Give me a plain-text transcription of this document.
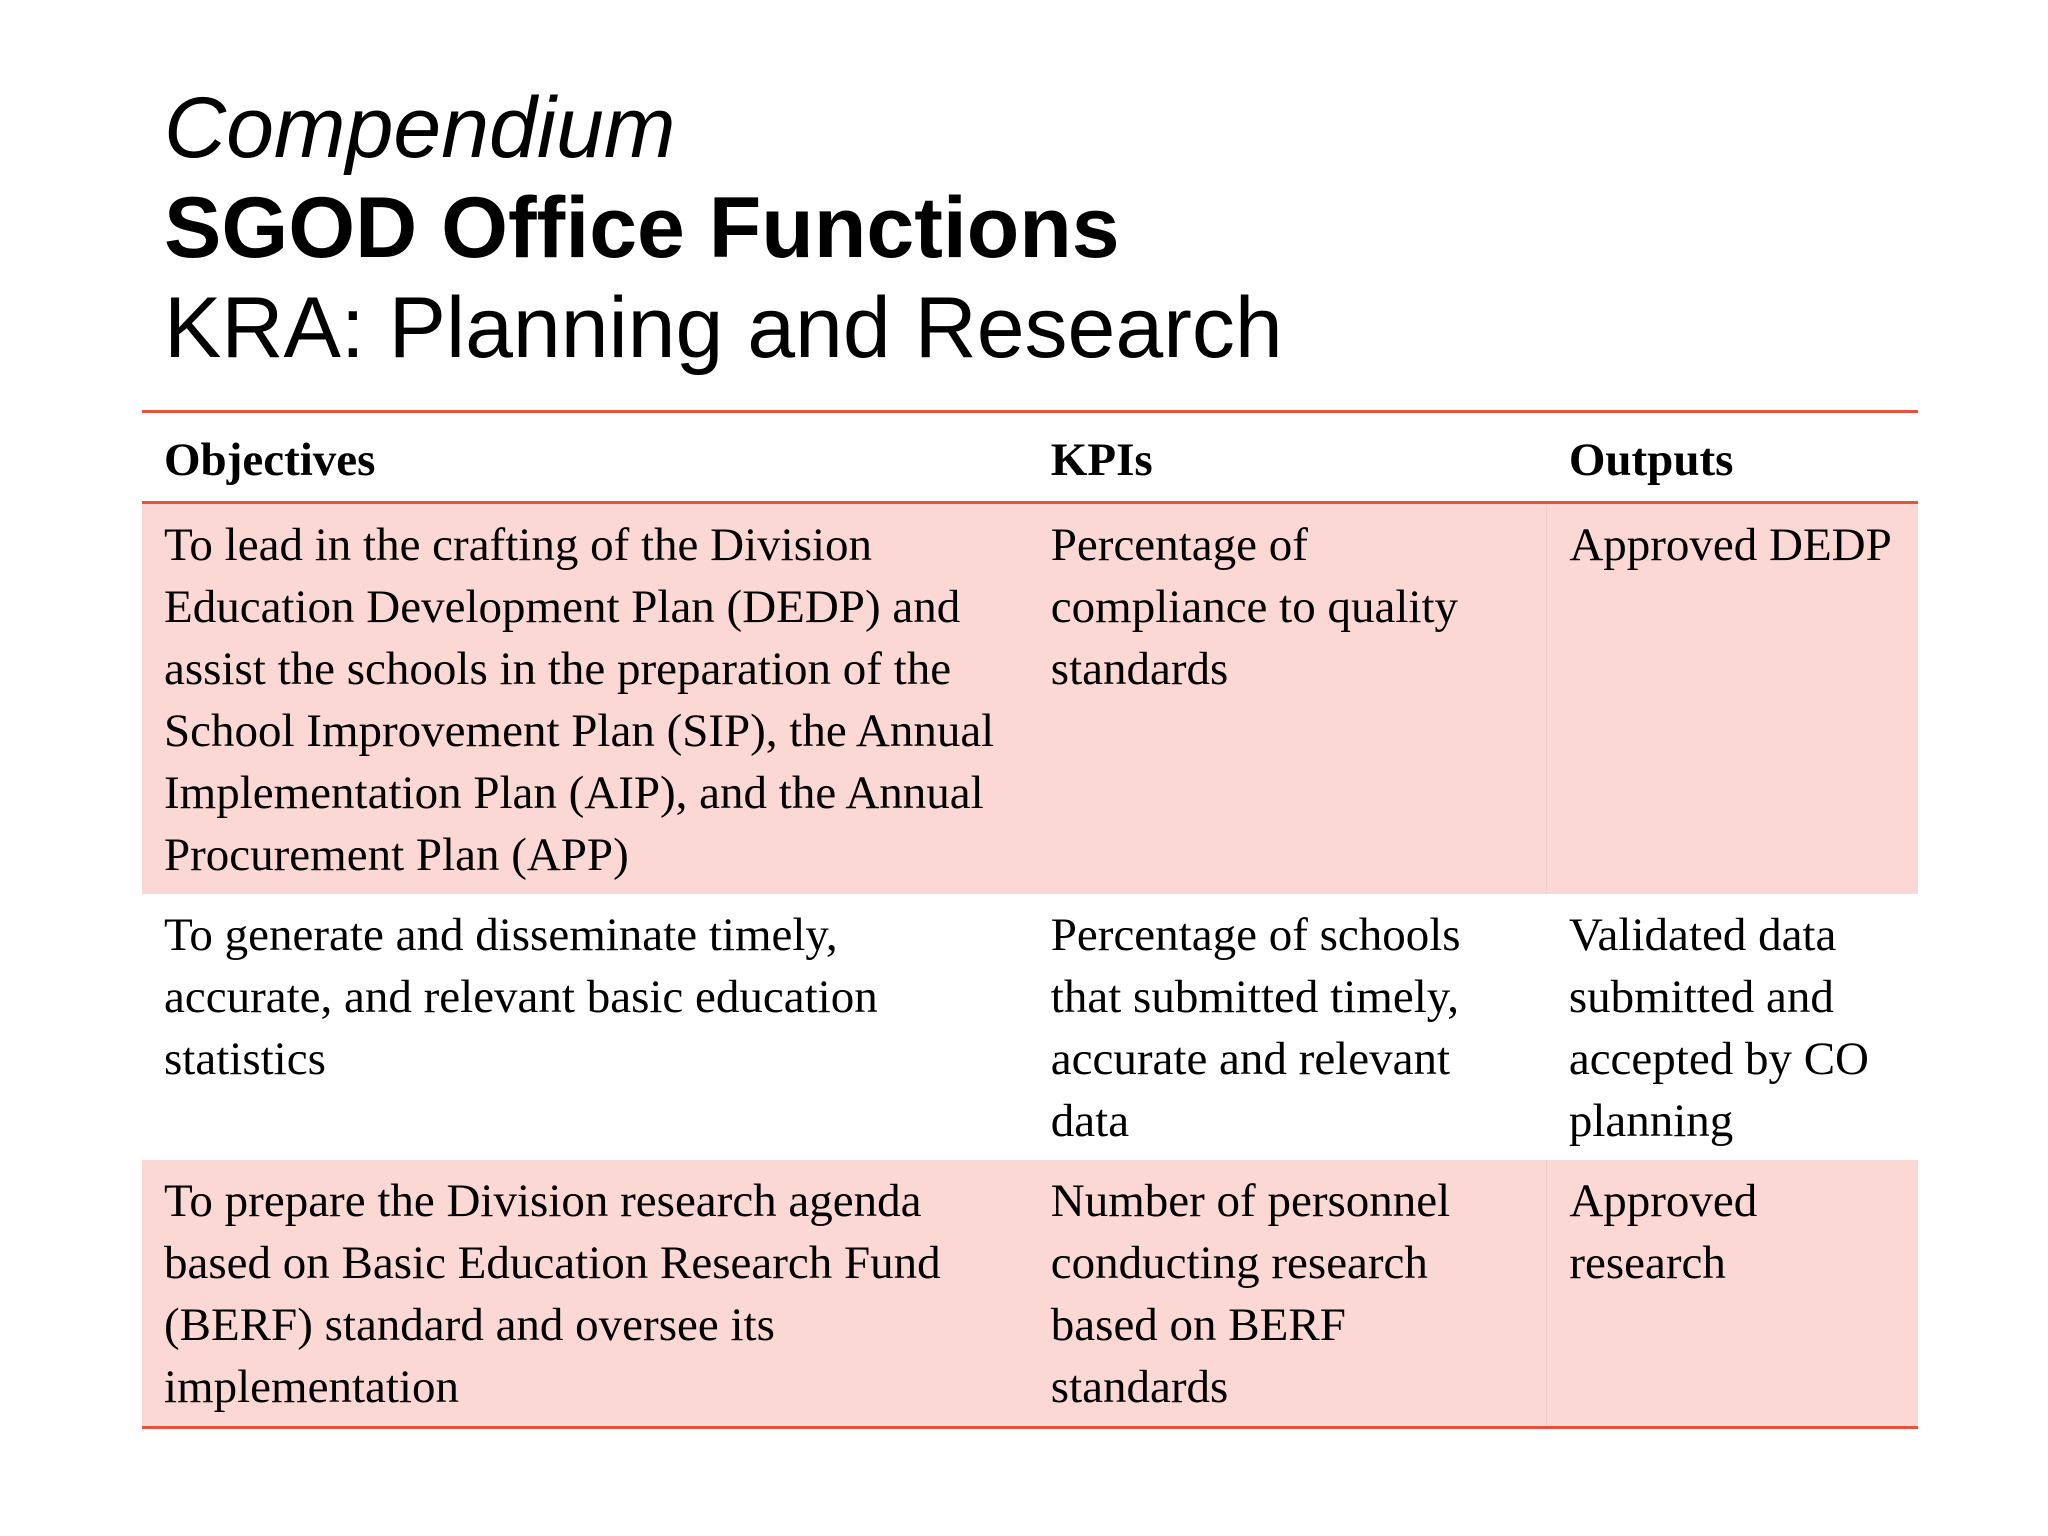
Compendium
SGOD Office Functions
KRA: Planning and Research
Objectives	KPIs	Outputs
To lead in the crafting of the Division Education Development Plan (DEDP) and assist the schools in the preparation of the School Improvement Plan (SIP), the Annual Implementation Plan (AIP), and the Annual Procurement Plan (APP)	Percentage of compliance to quality standards	Approved DEDP
To generate and disseminate timely, accurate, and relevant basic education statistics	Percentage of schools that submitted timely, accurate and relevant data	Validated data submitted and accepted by CO planning
To prepare the Division research agenda based on Basic Education Research Fund (BERF) standard and oversee its implementation	Number of personnel conducting research based on BERF standards	Approved research
